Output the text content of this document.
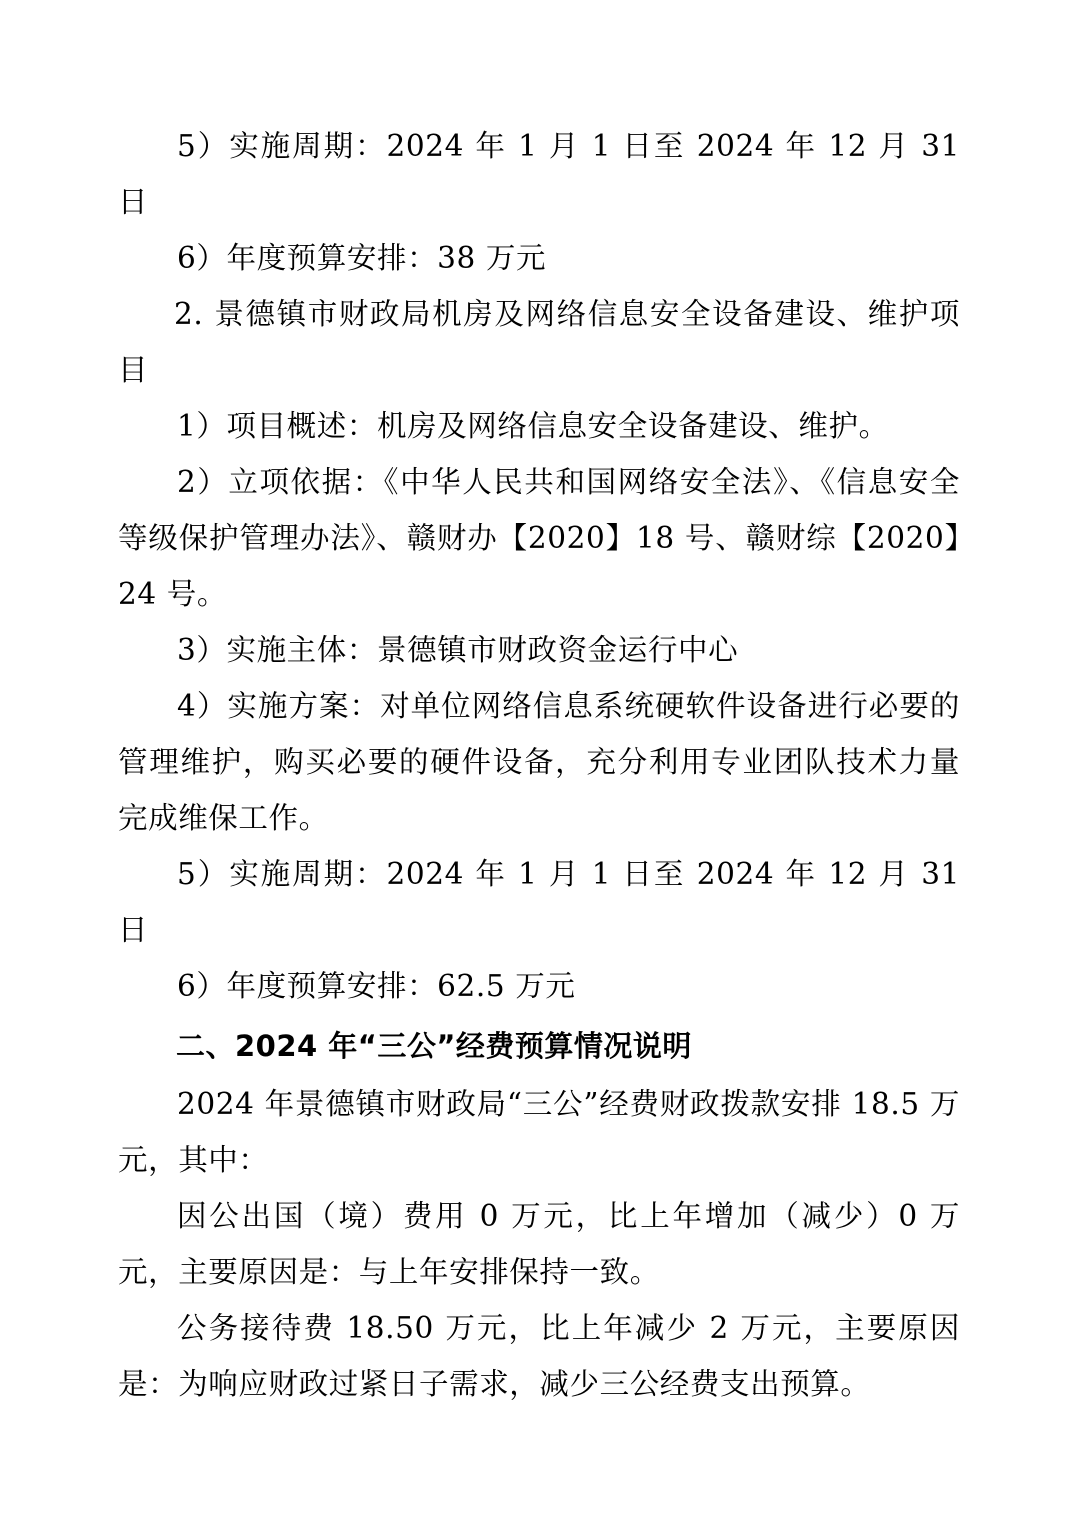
5）实施周期：2024 年 1 月 1 日至 2024 年 12 月 31 日

6）年度预算安排：38 万元

2. 景德镇市财政局机房及网络信息安全设备建设、维护项目

1）项目概述：机房及网络信息安全设备建设、维护。

2）立项依据：《中华人民共和国网络安全法》、《信息安全等级保护管理办法》、赣财办【2020】18 号、赣财综【2020】24 号。

3）实施主体：景德镇市财政资金运行中心

4）实施方案：对单位网络信息系统硬软件设备进行必要的管理维护，购买必要的硬件设备，充分利用专业团队技术力量完成维保工作。

5）实施周期：2024 年 1 月 1 日至 2024 年 12 月 31 日

6）年度预算安排：62.5 万元

二、2024 年“三公”经费预算情况说明

2024 年景德镇市财政局“三公”经费财政拨款安排 18.5 万元，其中：

因公出国（境）费用 0 万元，比上年增加（减少）0 万元，主要原因是：与上年安排保持一致。

公务接待费 18.50 万元，比上年减少 2 万元，主要原因是：为响应财政过紧日子需求，减少三公经费支出预算。
